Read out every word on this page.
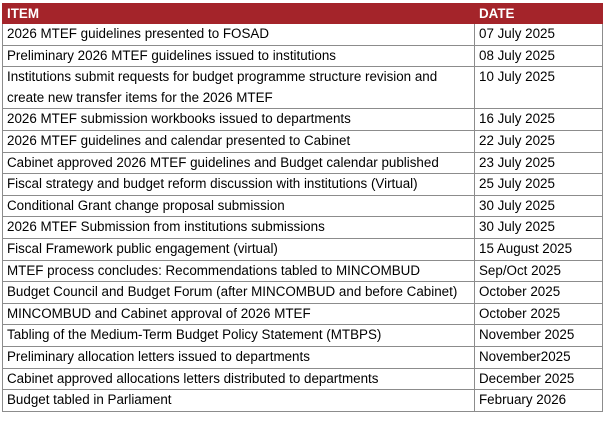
ITEM	DATE
2026 MTEF guidelines presented to FOSAD	07 July 2025
Preliminary 2026 MTEF guidelines issued to institutions	08 July 2025
Institutions submit requests for budget programme structure revision and create new transfer items for the 2026 MTEF	10 July 2025
2026 MTEF submission workbooks issued to departments	16 July 2025
2026 MTEF guidelines and calendar presented to Cabinet	22 July 2025
Cabinet approved 2026 MTEF guidelines and Budget calendar published	23 July 2025
Fiscal strategy and budget reform discussion with institutions (Virtual)	25 July 2025
Conditional Grant change proposal submission	30 July 2025
2026 MTEF Submission from institutions submissions	30 July 2025
Fiscal Framework public engagement (virtual)	15 August 2025
MTEF process concludes: Recommendations tabled to MINCOMBUD	Sep/Oct 2025
Budget Council and Budget Forum (after MINCOMBUD and before Cabinet)	October 2025
MINCOMBUD and Cabinet approval of 2026 MTEF	October 2025
Tabling of the Medium-Term Budget Policy Statement (MTBPS)	November 2025
Preliminary allocation letters issued to departments	November2025
Cabinet approved allocations letters distributed to departments	December 2025
Budget tabled in Parliament	February 2026
